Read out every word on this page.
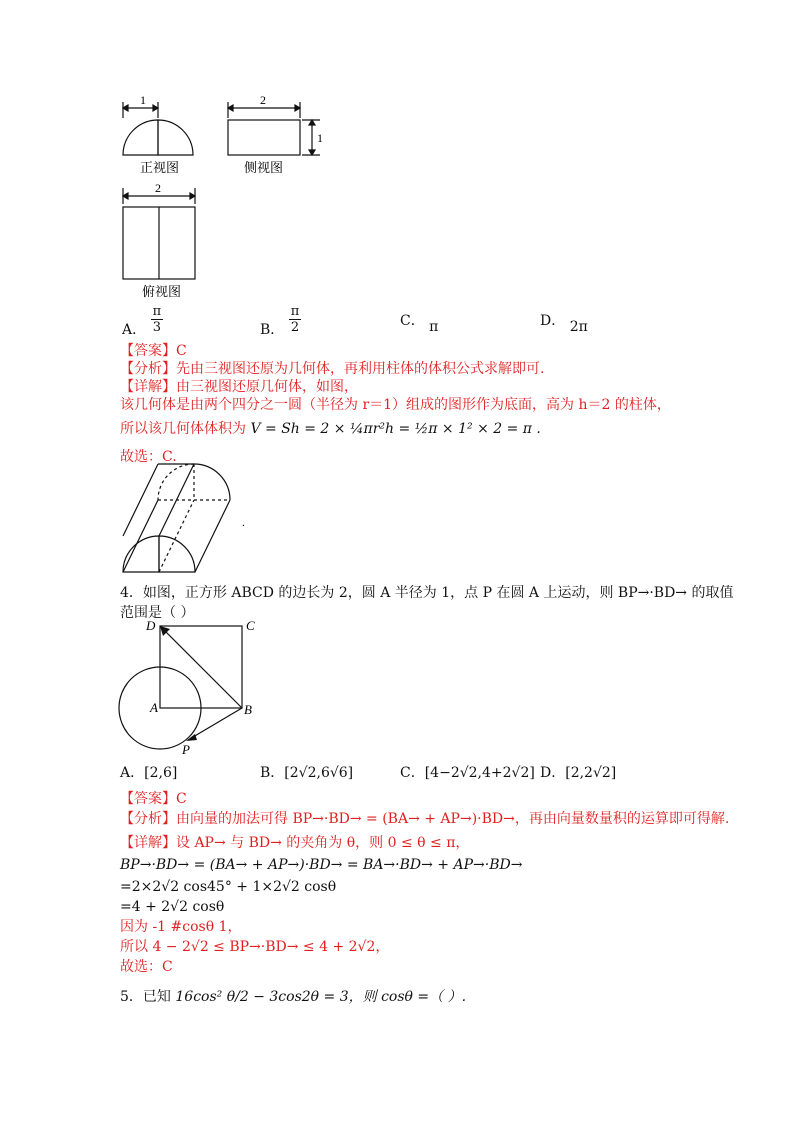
1
正视图
2
1
侧视图
2
俯视图
A． $\frac{\pi}{3}$	B． $\frac{\pi}{2}$	C． π	D． 2π
【答案】C
【分析】先由三视图还原为几何体，再利用柱体的体积公式求解即可.
【详解】由三视图还原几何体，如图，
该几何体是由两个四分之一圆（半径为 r＝1）组成的图形作为底面，高为 h＝2 的柱体，
所以该几何体体积为 V = Sh = 2 × ¼πr²h = ½π × 1² × 2 = π .
故选：C.
.
4．如图，正方形 ABCD 的边长为 2，圆 A 半径为 1，点 P 在圆 A 上运动，则 BP→·BD→ 的取值
范围是（ ）
D	C
A	B
P
A．[2,6]	B．[2√2,6√6]	C．[4−2√2,4+2√2] D．[2,2√2]
【答案】C
【分析】由向量的加法可得 BP→·BD→ = (BA→ + AP→)·BD→，再由向量数量积的运算即可得解.
【详解】设 AP→ 与 BD→ 的夹角为 θ，则 0 ≤ θ ≤ π，
BP→·BD→ = (BA→ + AP→)·BD→ = BA→·BD→ + AP→·BD→
=2×2√2 cos45° + 1×2√2 cosθ
=4 + 2√2 cosθ
因为 -1 #cosθ 1，
所以 4 − 2√2 ≤ BP→·BD→ ≤ 4 + 2√2，
故选：C
5．已知 16cos² θ/2 − 3cos2θ = 3，则 cosθ =（ ）.
